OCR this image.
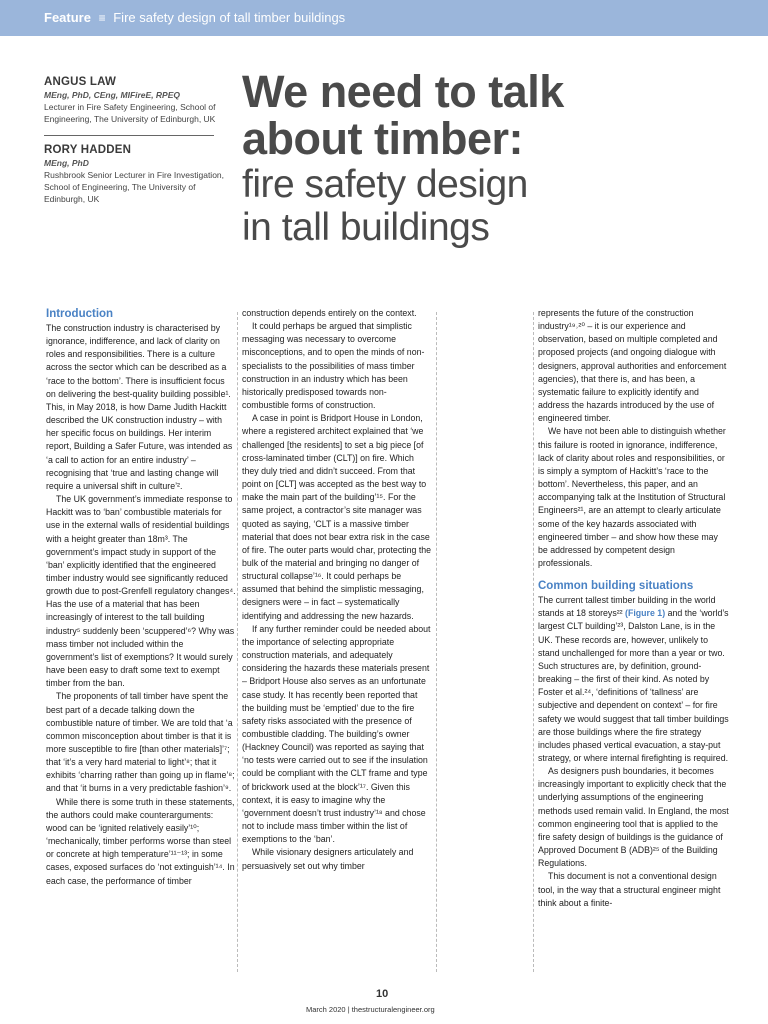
Feature ≡ Fire safety design of tall timber buildings
ANGUS LAW
MEng, PhD, CEng, MIFireE, RPEQ
Lecturer in Fire Safety Engineering, School of Engineering, The University of Edinburgh, UK
RORY HADDEN
MEng, PhD
Rushbrook Senior Lecturer in Fire Investigation, School of Engineering, The University of Edinburgh, UK
We need to talk
about timber:
fire safety design
in tall buildings
Introduction

The construction industry is characterised by ignorance, indifference, and lack of clarity on roles and responsibilities. There is a culture across the sector which can be described as a ‘race to the bottom’. There is insufficient focus on delivering the best-quality building possible¹. This, in May 2018, is how Dame Judith Hackitt described the UK construction industry – with her specific focus on buildings. Her interim report, Building a Safer Future, was intended as ‘a call to action for an entire industry’ – recognising that ‘true and lasting change will require a universal shift in culture’².

The UK government’s immediate response to Hackitt was to ‘ban’ combustible materials for use in the external walls of residential buildings with a height greater than 18m³. The government’s impact study in support of the ‘ban’ explicitly identified that the engineered timber industry would see significantly reduced growth due to post-Grenfell regulatory changes⁴. Has the use of a material that has been increasingly of interest to the tall building industry⁵ suddenly been ‘scuppered’⁶? Why was mass timber not included within the government’s list of exemptions? It would surely have been easy to draft some text to exempt timber from the ban.

The proponents of tall timber have spent the best part of a decade talking down the combustible nature of timber. We are told that ‘a common misconception about timber is that it is more susceptible to fire [than other materials]’⁷; that ‘it’s a very hard material to light’⁸; that it exhibits ‘charring rather than going up in flame’⁸; and that ‘it burns in a very predictable fashion’⁹.

While there is some truth in these statements, the authors could make counterarguments: wood can be ‘ignited relatively easily’¹⁰; ‘mechanically, timber performs worse than steel or concrete at high temperature’¹¹⁻¹³; in some cases, exposed surfaces do ‘not extinguish’¹⁴. In each case, the performance of timber

construction depends entirely on the context.

It could perhaps be argued that simplistic messaging was necessary to overcome misconceptions, and to open the minds of non-specialists to the possibilities of mass timber construction in an industry which has been historically predisposed towards non-combustible forms of construction.

A case in point is Bridport House in London, where a registered architect explained that ‘we challenged [the residents] to set a big piece [of cross-laminated timber (CLT)] on fire. Which they duly tried and didn’t succeed. From that point on [CLT] was accepted as the best way to make the main part of the building’¹⁵. For the same project, a contractor’s site manager was quoted as saying, ‘CLT is a massive timber material that does not bear extra risk in the case of fire. The outer parts would char, protecting the bulk of the material and bringing no danger of structural collapse’¹⁶. It could perhaps be assumed that behind the simplistic messaging, designers were – in fact – systematically identifying and addressing the new hazards.

If any further reminder could be needed about the importance of selecting appropriate construction materials, and adequately considering the hazards these materials present – Bridport House also serves as an unfortunate case study. It has recently been reported that the building must be ‘emptied’ due to the fire safety risks associated with the presence of combustible cladding. The building’s owner (Hackney Council) was reported as saying that ‘no tests were carried out to see if the insulation could be compliant with the CLT frame and type of brickwork used at the block’¹⁷. Given this context, it is easy to imagine why the ‘government doesn’t trust industry’¹⁸ and chose not to include mass timber within the list of exemptions to the ‘ban’.

While visionary designers articulately and persuasively set out why timber

represents the future of the construction industry¹⁹˒²⁰ – it is our experience and observation, based on multiple completed and proposed projects (and ongoing dialogue with designers, approval authorities and enforcement agencies), that there is, and has been, a systematic failure to explicitly identify and address the hazards introduced by the use of engineered timber.

We have not been able to distinguish whether this failure is rooted in ignorance, indifference, lack of clarity about roles and responsibilities, or is simply a symptom of Hackitt’s ‘race to the bottom’. Nevertheless, this paper, and an accompanying talk at the Institution of Structural Engineers²¹, are an attempt to clearly articulate some of the key hazards associated with engineered timber – and show how these may be addressed by competent design professionals.

Common building situations

The current tallest timber building in the world stands at 18 storeys²² (Figure 1) and the ‘world’s largest CLT building’²³, Dalston Lane, is in the UK. These records are, however, unlikely to stand unchallenged for more than a year or two. Such structures are, by definition, ground-breaking – the first of their kind. As noted by Foster et al.²⁴, ‘definitions of ‘tallness’ are subjective and dependent on context’ – for fire safety we would suggest that tall timber buildings are those buildings where the fire strategy includes phased vertical evacuation, a stay-put strategy, or where internal firefighting is required.

As designers push boundaries, it becomes increasingly important to explicitly check that the underlying assumptions of the engineering methods used remain valid. In England, the most common engineering tool that is applied to the fire safety design of buildings is the guidance of Approved Document B (ADB)²⁵ of the Building Regulations.

This document is not a conventional design tool, in the way that a structural engineer might think about a finite-

10
March 2020 | thestructuralengineer.org
